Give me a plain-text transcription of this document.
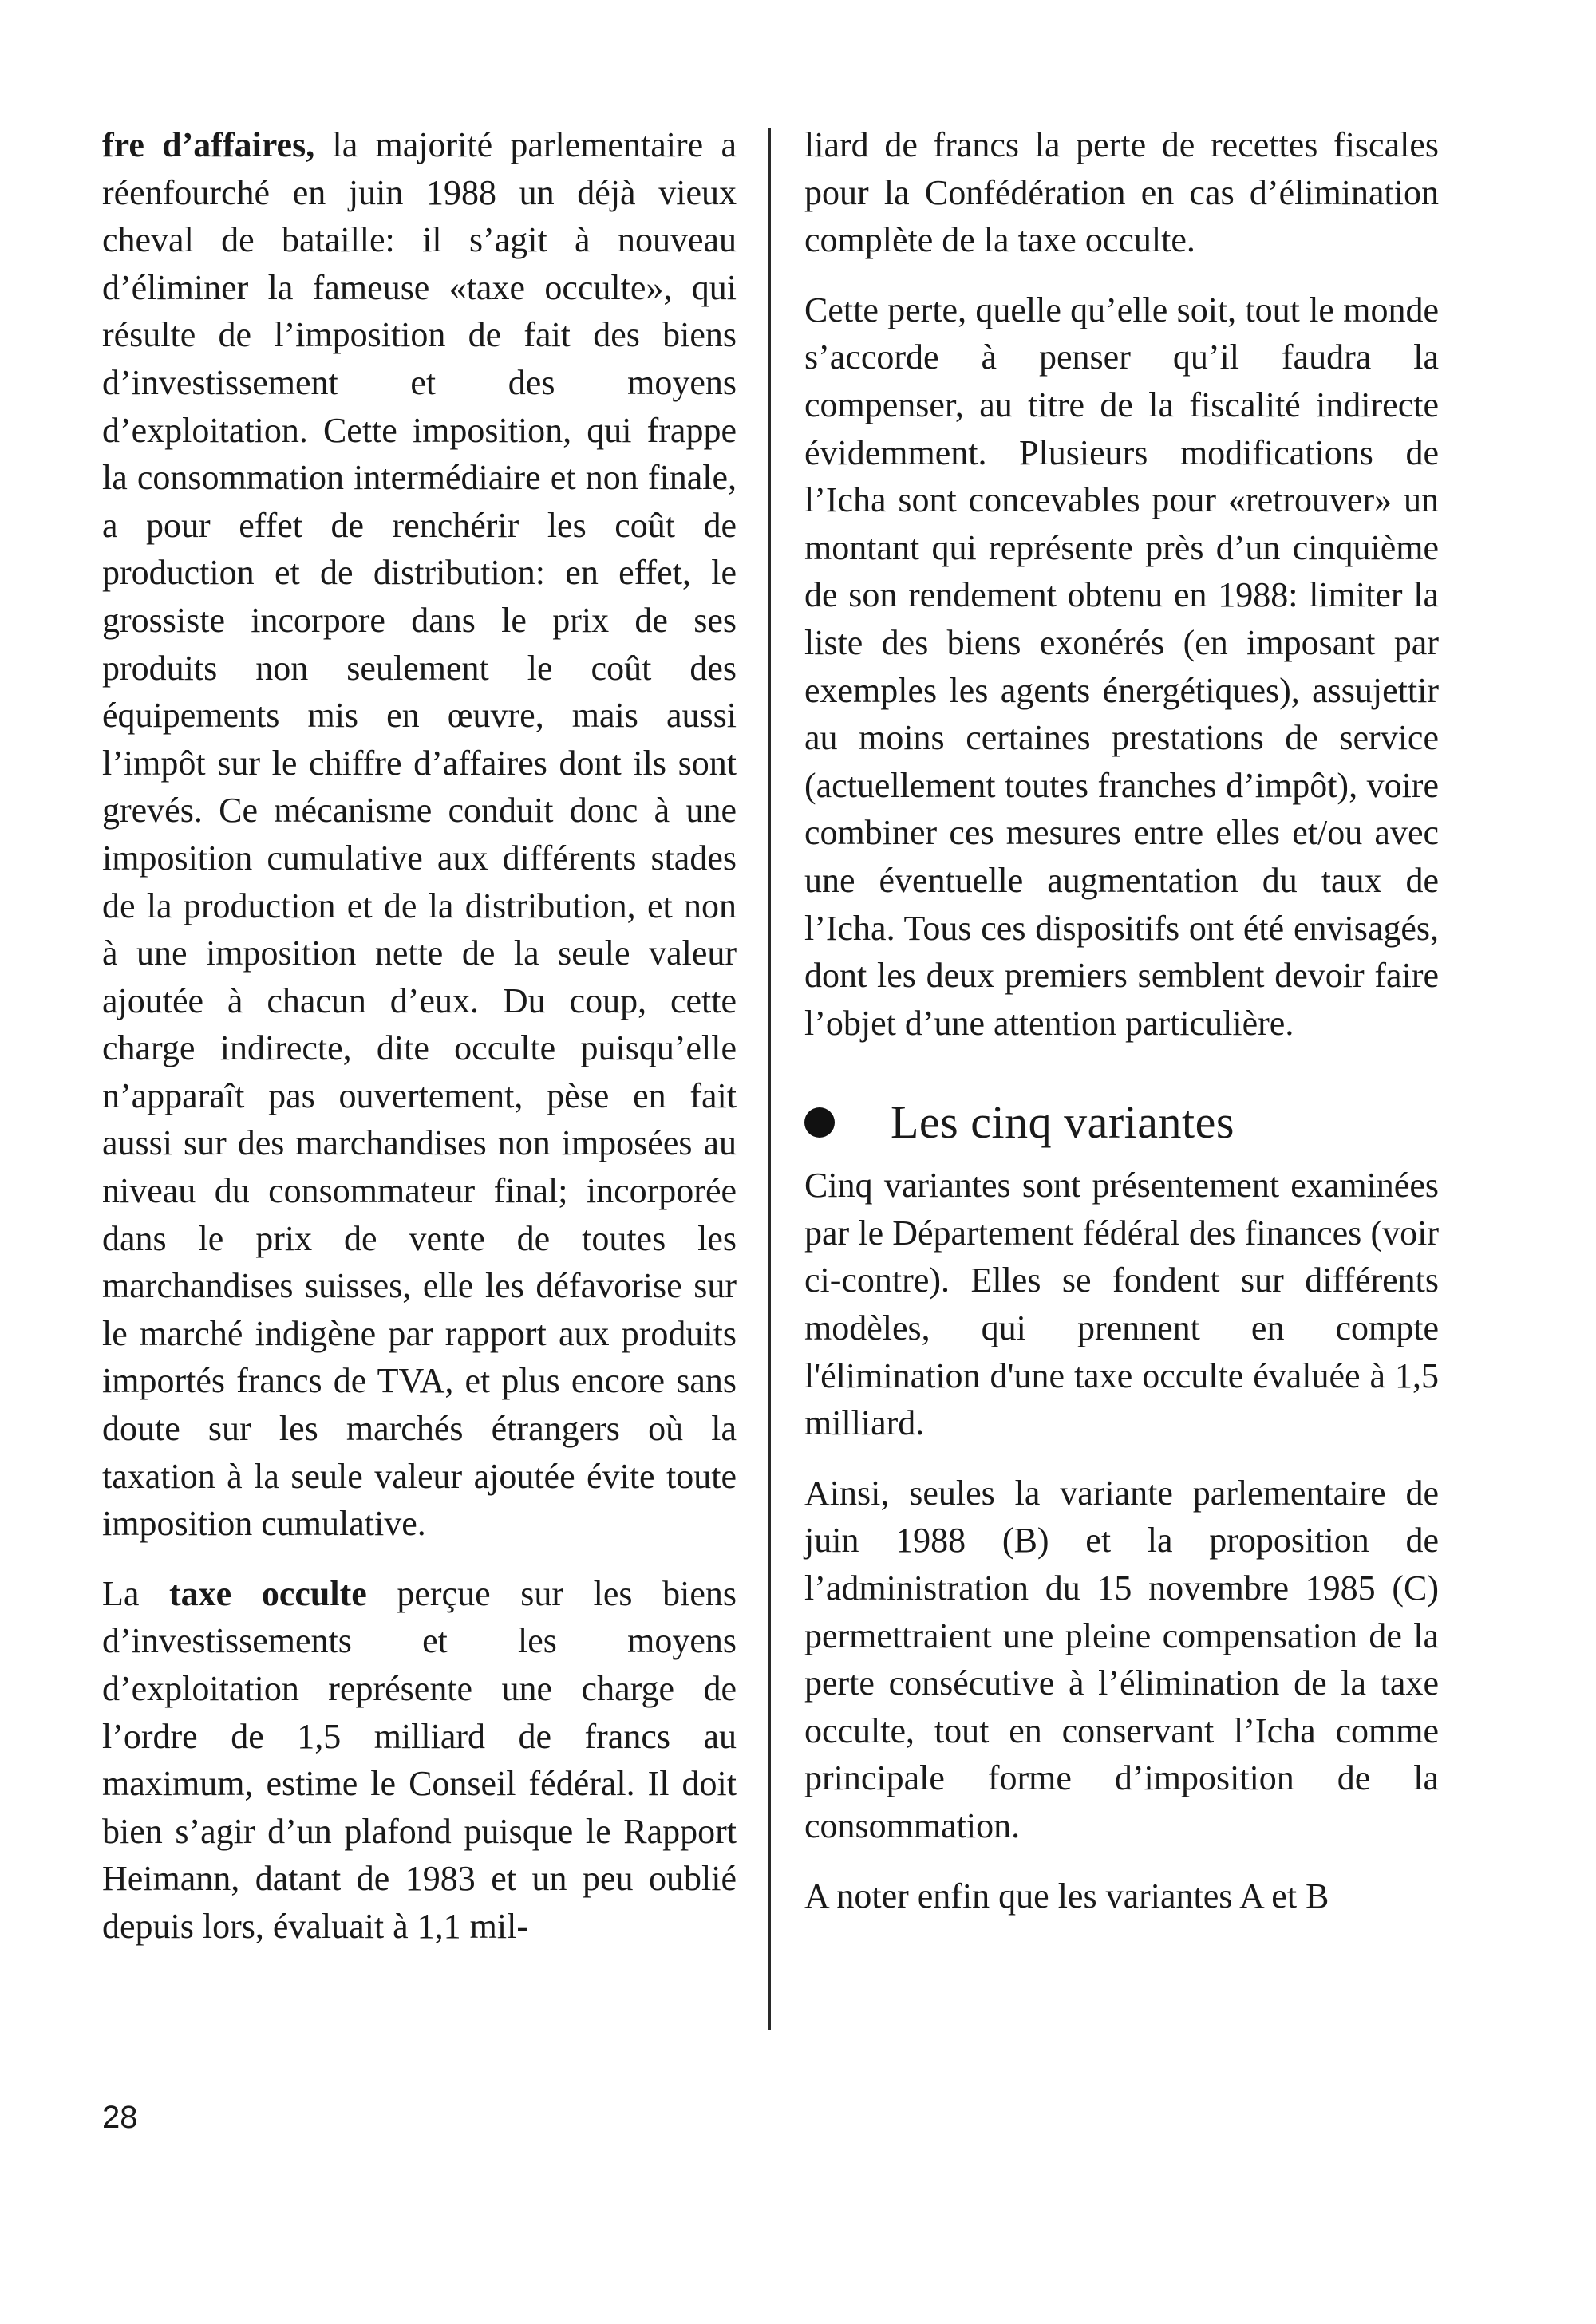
fre d’affaires, la majorité parlementaire a réenfourché en juin 1988 un déjà vieux cheval de bataille: il s’agit à nouveau d’éliminer la fameuse «taxe occulte», qui résulte de l’imposition de fait des biens d’investissement et des moyens d’exploitation. Cette imposition, qui frappe la consommation intermédiaire et non finale, a pour effet de renchérir les coût de production et de distribution: en effet, le grossiste incorpore dans le prix de ses produits non seulement le coût des équipements mis en œuvre, mais aussi l’impôt sur le chiffre d’affaires dont ils sont grevés. Ce mécanisme conduit donc à une imposition cumulative aux différents stades de la production et de la distribution, et non à une imposition nette de la seule valeur ajoutée à chacun d’eux. Du coup, cette charge indirecte, dite occulte puisqu’elle n’apparaît pas ouvertement, pèse en fait aussi sur des marchandises non imposées au niveau du consommateur final; incorporée dans le prix de vente de toutes les marchandises suisses, elle les défavorise sur le marché indigène par rapport aux produits importés francs de TVA, et plus encore sans doute sur les marchés étrangers où la taxation à la seule valeur ajoutée évite toute imposition cumulative.

La taxe occulte perçue sur les biens d’investissements et les moyens d’exploitation représente une charge de l’ordre de 1,5 milliard de francs au maximum, estime le Conseil fédéral. Il doit bien s’agir d’un plafond puisque le Rapport Heimann, datant de 1983 et un peu oublié depuis lors, évaluait à 1,1 mil-

liard de francs la perte de recettes fiscales pour la Confédération en cas d’élimination complète de la taxe occulte.

Cette perte, quelle qu’elle soit, tout le monde s’accorde à penser qu’il faudra la compenser, au titre de la fiscalité indirecte évidemment. Plusieurs modifications de l’Icha sont concevables pour «retrouver» un montant qui représente près d’un cinquième de son rendement obtenu en 1988: limiter la liste des biens exonérés (en imposant par exemples les agents énergétiques), assujettir au moins certaines prestations de service (actuellement toutes franches d’impôt), voire combiner ces mesures entre elles et/ou avec une éventuelle augmentation du taux de l’Icha. Tous ces dispositifs ont été envisagés, dont les deux premiers semblent devoir faire l’objet d’une attention particulière.

Les cinq variantes

Cinq variantes sont présentement examinées par le Département fédéral des finances (voir ci-contre). Elles se fondent sur différents modèles, qui prennent en compte l'élimination d'une taxe occulte évaluée à 1,5 milliard.

Ainsi, seules la variante parlementaire de juin 1988 (B) et la proposition de l’administration du 15 novembre 1985 (C) permettraient une pleine compensation de la perte consécutive à l’élimination de la taxe occulte, tout en conservant l’Icha comme principale forme d’imposition de la consommation.

A noter enfin que les variantes A et B

28
